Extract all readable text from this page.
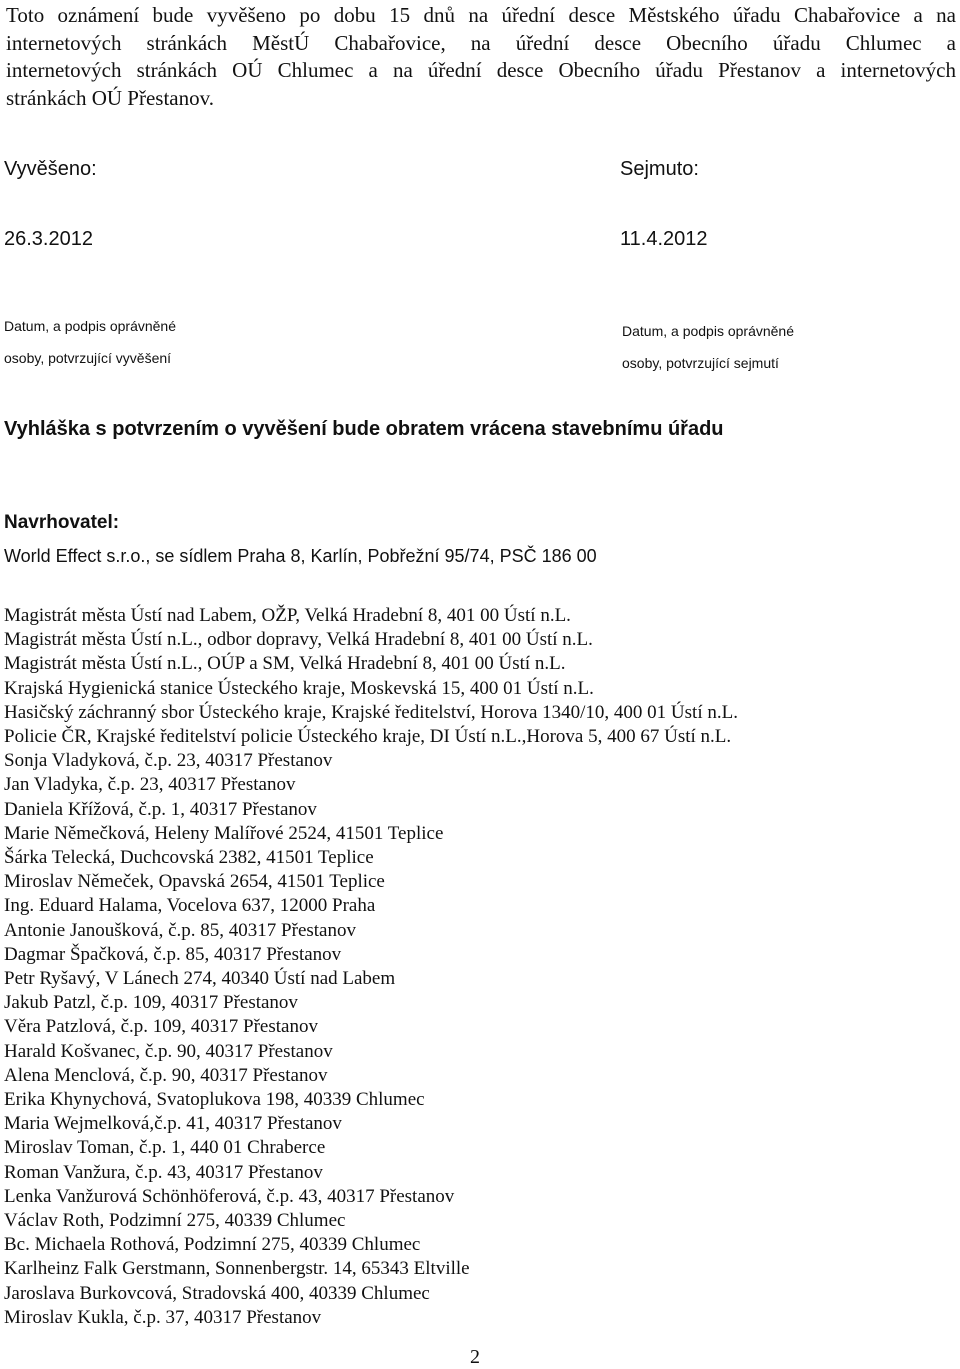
Toto oznámení bude vyvěšeno po dobu 15 dnů na úřední desce Městského úřadu Chabařovice a na
internetových stránkách MěstÚ Chabařovice, na úřední desce Obecního úřadu Chlumec a
internetových stránkách OÚ Chlumec a na úřední desce Obecního úřadu Přestanov a internetových
stránkách OÚ Přestanov.
Vyvěšeno:
26.3.2012
Sejmuto:
11.4.2012
Datum, a podpis oprávněné
osoby, potvrzující vyvěšení
Datum, a podpis oprávněné
osoby, potvrzující sejmutí
Vyhláška s potvrzením o vyvěšení bude obratem vrácena stavebnímu úřadu
Navrhovatel:
World Effect s.r.o., se sídlem Praha 8, Karlín, Pobřežní 95/74, PSČ 186 00
Magistrát města Ústí nad Labem, OŽP, Velká Hradební 8, 401 00 Ústí n.L.
Magistrát města Ústí n.L., odbor dopravy, Velká Hradební 8, 401 00 Ústí n.L.
Magistrát města Ústí n.L., OÚP a SM, Velká Hradební 8, 401 00 Ústí n.L.
Krajská Hygienická stanice Ústeckého kraje, Moskevská 15, 400 01 Ústí n.L.
Hasičský záchranný sbor Ústeckého kraje, Krajské ředitelství, Horova 1340/10, 400 01 Ústí n.L.
Policie ČR, Krajské ředitelství policie Ústeckého kraje, DI Ústí n.L.,Horova 5, 400 67 Ústí n.L.
Sonja Vladyková, č.p. 23, 40317 Přestanov
Jan Vladyka, č.p. 23, 40317 Přestanov
Daniela Křížová, č.p. 1, 40317 Přestanov
Marie Němečková, Heleny Malířové 2524, 41501 Teplice
Šárka Telecká, Duchcovská 2382, 41501 Teplice
Miroslav Němeček, Opavská 2654, 41501 Teplice
Ing. Eduard Halama, Vocelova 637, 12000 Praha
Antonie Janoušková, č.p. 85, 40317 Přestanov
Dagmar Špačková, č.p. 85, 40317 Přestanov
Petr Ryšavý, V Lánech 274, 40340 Ústí nad Labem
Jakub Patzl, č.p. 109, 40317 Přestanov
Věra Patzlová, č.p. 109, 40317 Přestanov
Harald Košvanec, č.p. 90, 40317 Přestanov
Alena Menclová, č.p. 90, 40317 Přestanov
Erika Khynychová, Svatoplukova 198, 40339 Chlumec
Maria Wejmelková,č.p. 41, 40317 Přestanov
Miroslav Toman, č.p. 1, 440 01 Chraberce
Roman Vanžura, č.p. 43, 40317 Přestanov
Lenka Vanžurová Schönhöferová, č.p. 43, 40317 Přestanov
Václav Roth, Podzimní 275, 40339 Chlumec
Bc. Michaela Rothová, Podzimní 275, 40339 Chlumec
Karlheinz Falk Gerstmann, Sonnenbergstr. 14, 65343 Eltville
Jaroslava Burkovcová, Stradovská 400, 40339 Chlumec
Miroslav Kukla, č.p. 37, 40317 Přestanov
2
